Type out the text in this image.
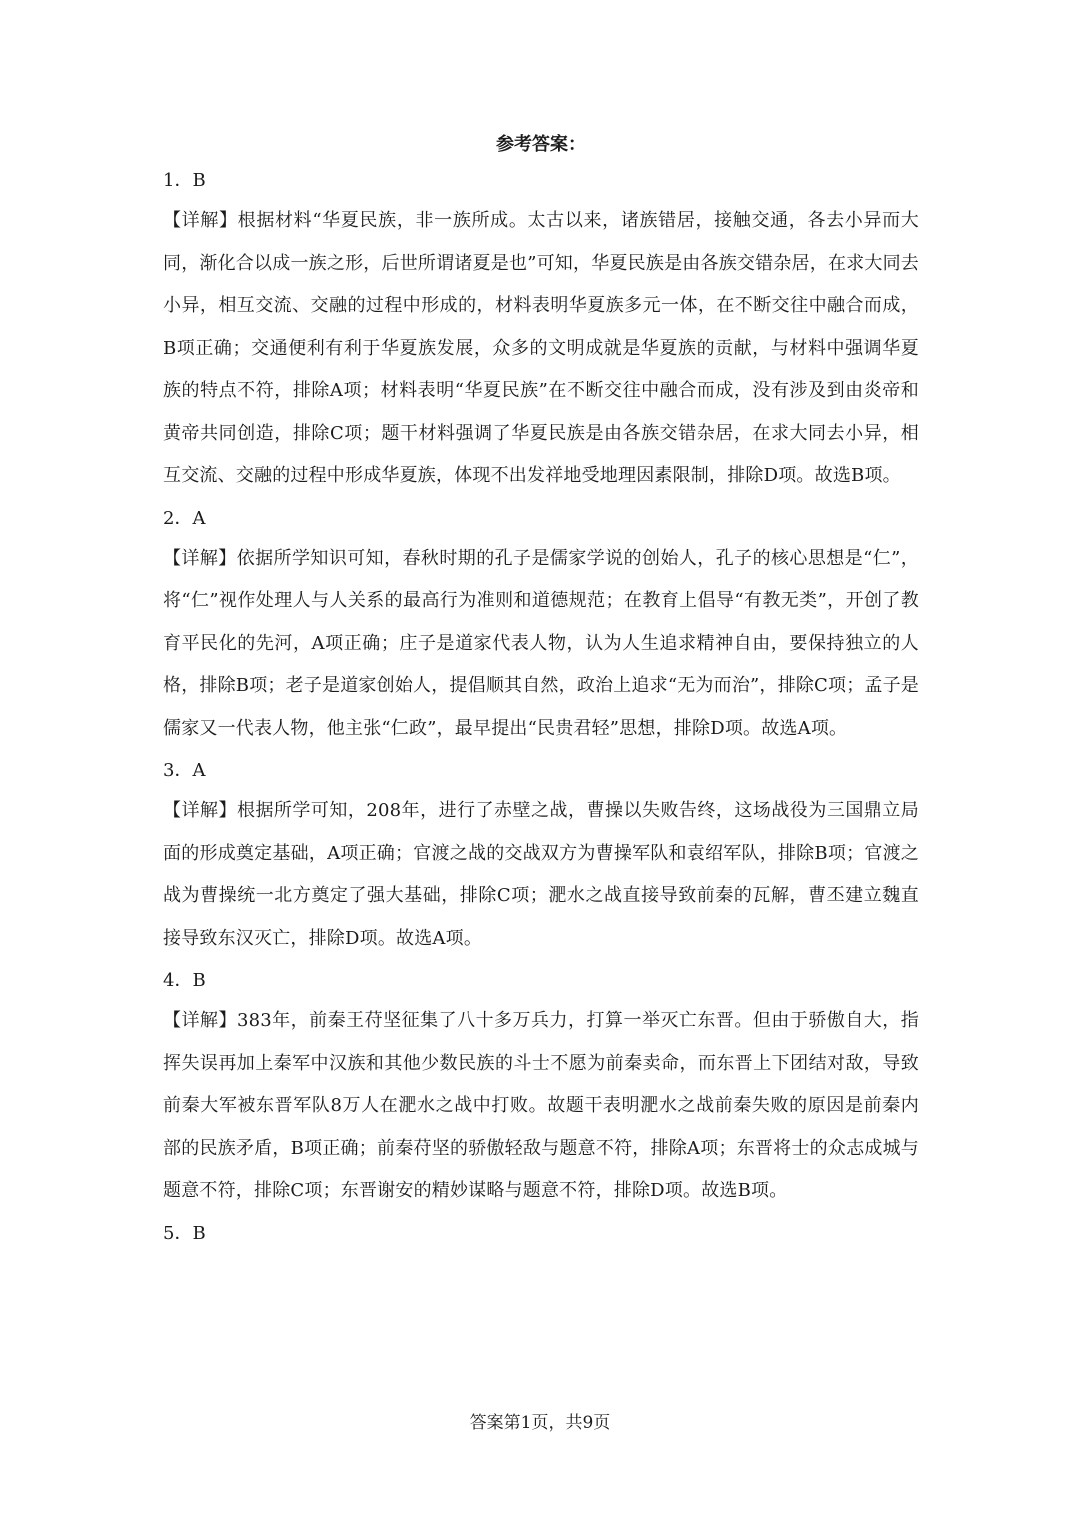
参考答案：
1．B
【详解】根据材料“华夏民族，非一族所成。太古以来，诸族错居，接触交通，各去小异而大同，渐化合以成一族之形，后世所谓诸夏是也”可知，华夏民族是由各族交错杂居，在求大同去小异，相互交流、交融的过程中形成的，材料表明华夏族多元一体，在不断交往中融合而成，B项正确；交通便利有利于华夏族发展，众多的文明成就是华夏族的贡献，与材料中强调华夏族的特点不符，排除A项；材料表明“华夏民族”在不断交往中融合而成，没有涉及到由炎帝和黄帝共同创造，排除C项；题干材料强调了华夏民族是由各族交错杂居，在求大同去小异，相互交流、交融的过程中形成华夏族，体现不出发祥地受地理因素限制，排除D项。故选B项。
2．A
【详解】依据所学知识可知，春秋时期的孔子是儒家学说的创始人，孔子的核心思想是“仁”，将“仁”视作处理人与人关系的最高行为准则和道德规范；在教育上倡导“有教无类”，开创了教育平民化的先河，A项正确；庄子是道家代表人物，认为人生追求精神自由，要保持独立的人格，排除B项；老子是道家创始人，提倡顺其自然，政治上追求“无为而治”，排除C项；孟子是儒家又一代表人物，他主张“仁政”，最早提出“民贵君轻”思想，排除D项。故选A项。
3．A
【详解】根据所学可知，208年，进行了赤壁之战，曹操以失败告终，这场战役为三国鼎立局面的形成奠定基础，A项正确；官渡之战的交战双方为曹操军队和袁绍军队，排除B项；官渡之战为曹操统一北方奠定了强大基础，排除C项；淝水之战直接导致前秦的瓦解，曹丕建立魏直接导致东汉灭亡，排除D项。故选A项。
4．B
【详解】383年，前秦王苻坚征集了八十多万兵力，打算一举灭亡东晋。但由于骄傲自大，指挥失误再加上秦军中汉族和其他少数民族的斗士不愿为前秦卖命，而东晋上下团结对敌，导致前秦大军被东晋军队8万人在淝水之战中打败。故题干表明淝水之战前秦失败的原因是前秦内部的民族矛盾，B项正确；前秦苻坚的骄傲轻敌与题意不符，排除A项；东晋将士的众志成城与题意不符，排除C项；东晋谢安的精妙谋略与题意不符，排除D项。故选B项。
5．B
答案第1页，共9页
